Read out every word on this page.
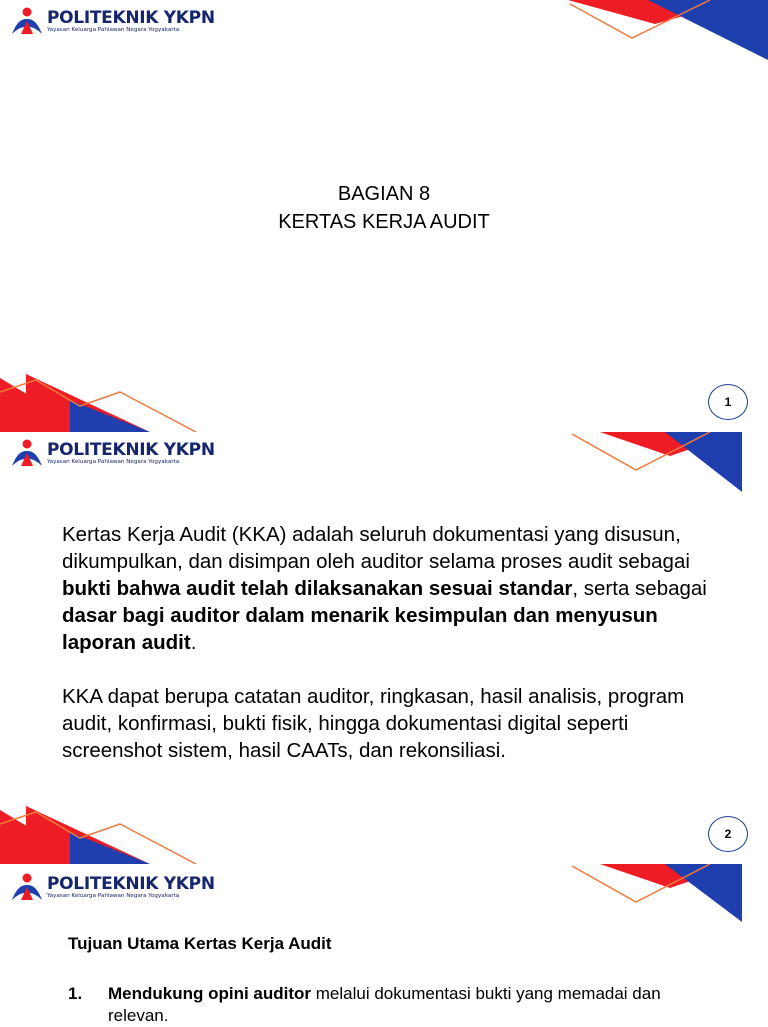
POLITEKNIK YKPN
Yayasan Keluarga Pahlawan Negara Yogyakarta
BAGIAN 8
KERTAS KERJA AUDIT
1
POLITEKNIK YKPN
Yayasan Keluarga Pahlawan Negara Yogyakarta

Kertas Kerja Audit (KKA) adalah seluruh dokumentasi yang disusun, dikumpulkan, dan disimpan oleh auditor selama proses audit sebagai bukti bahwa audit telah dilaksanakan sesuai standar, serta sebagai dasar bagi auditor dalam menarik kesimpulan dan menyusun laporan audit.

KKA dapat berupa catatan auditor, ringkasan, hasil analisis, program audit, konfirmasi, bukti fisik, hingga dokumentasi digital seperti screenshot sistem, hasil CAATs, dan rekonsiliasi.

2
POLITEKNIK YKPN
Yayasan Keluarga Pahlawan Negara Yogyakarta
Tujuan Utama Kertas Kerja Audit
1.	Mendukung opini auditor melalui dokumentasi bukti yang memadai dan relevan.
